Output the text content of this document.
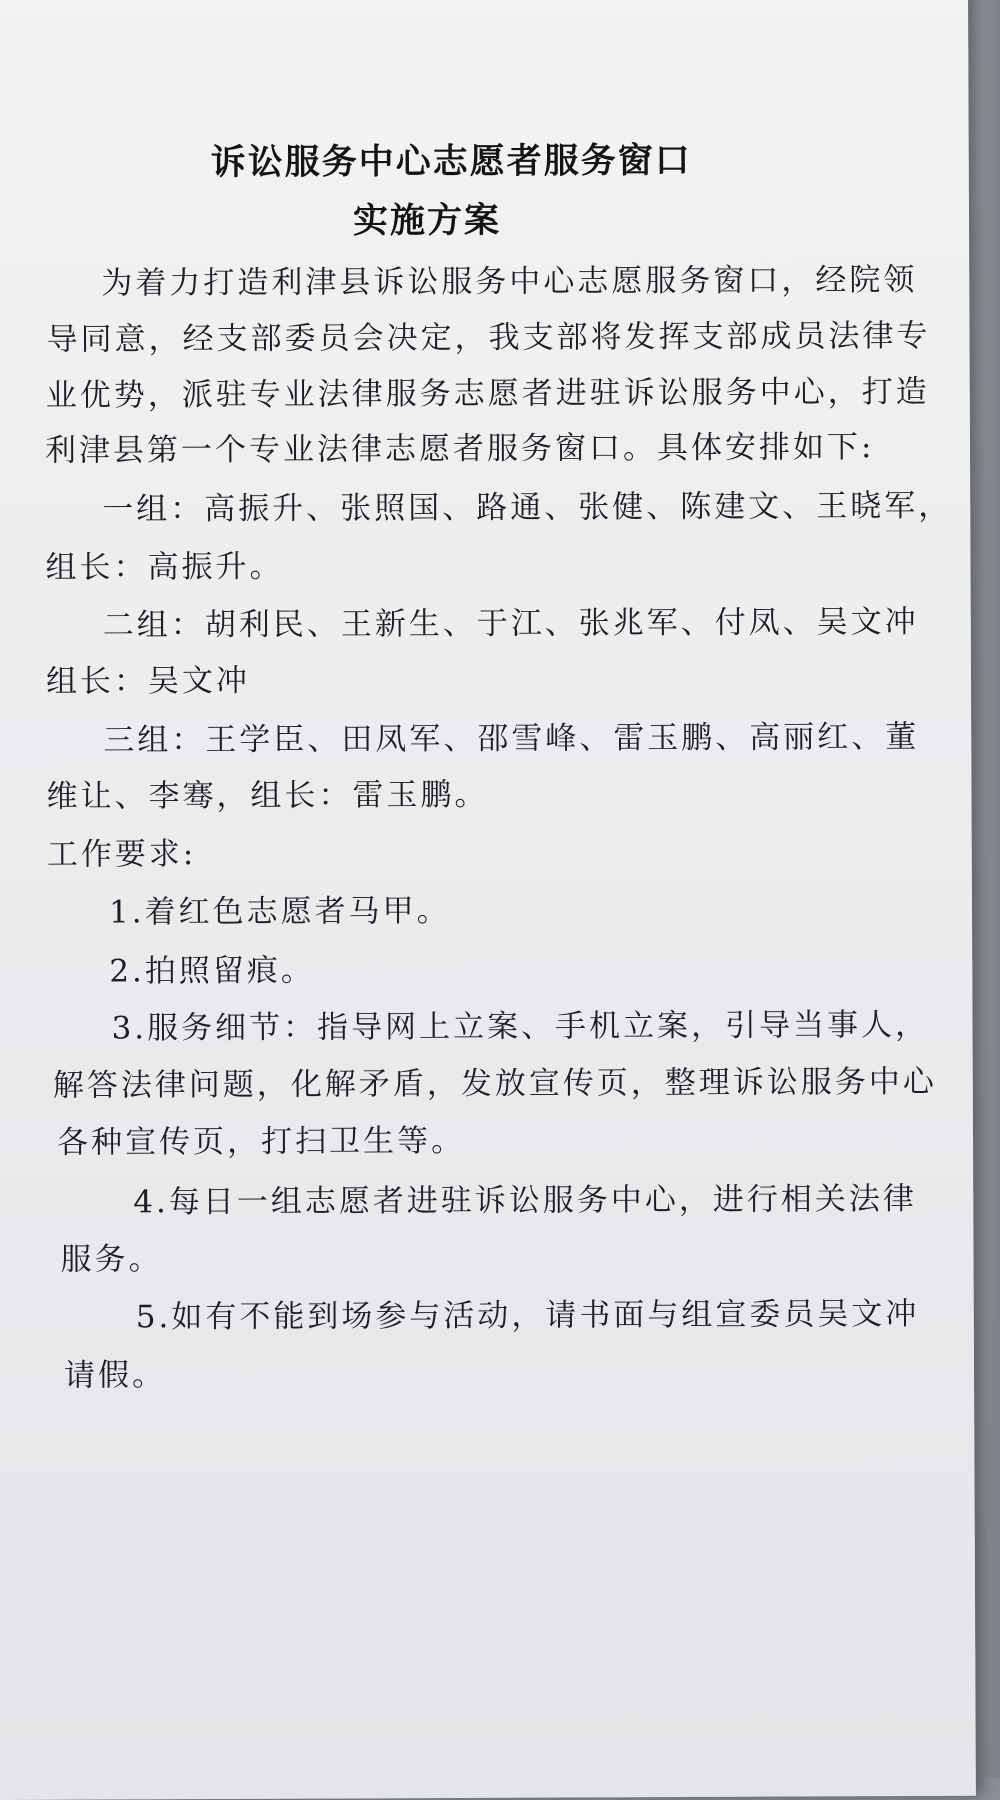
诉讼服务中心志愿者服务窗口

实施方案

为着力打造利津县诉讼服务中心志愿服务窗口，经院领

导同意，经支部委员会决定，我支部将发挥支部成员法律专

业优势，派驻专业法律服务志愿者进驻诉讼服务中心，打造

利津县第一个专业法律志愿者服务窗口。具体安排如下:

一组：高振升、张照国、路通、张健、陈建文、王晓军，

组长：高振升。

二组：胡利民、王新生、于江、张兆军、付凤、吴文冲

组长：吴文冲

三组：王学臣、田凤军、邵雪峰、雷玉鹏、高丽红、董

维让、李骞，组长：雷玉鹏。

工作要求:

1.着红色志愿者马甲。

2.拍照留痕。

3.服务细节：指导网上立案、手机立案，引导当事人，

解答法律问题，化解矛盾，发放宣传页，整理诉讼服务中心

各种宣传页，打扫卫生等。

4.每日一组志愿者进驻诉讼服务中心，进行相关法律

服务。

5.如有不能到场参与活动，请书面与组宣委员吴文冲

请假。
